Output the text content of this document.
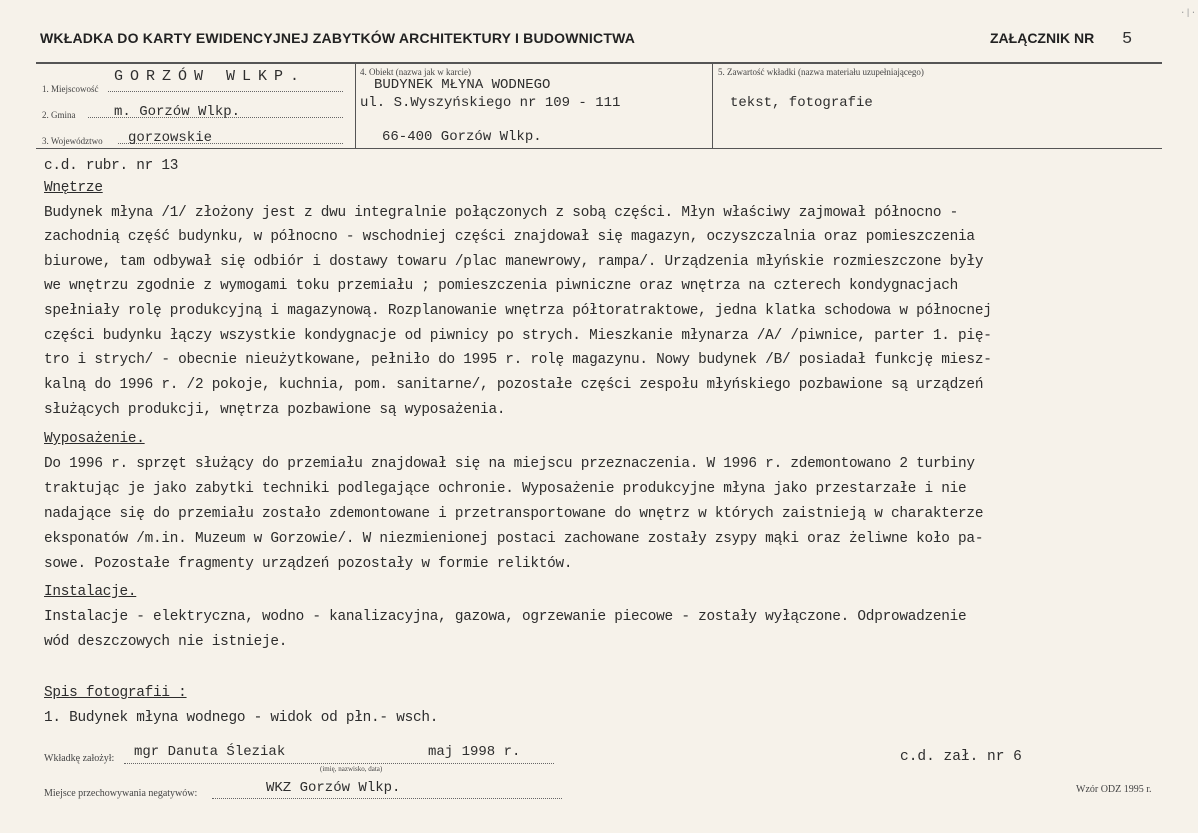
WKŁADKA DO KARTY EWIDENCYJNEJ ZABYTKÓW ARCHITEKTURY I BUDOWNICTWA	ZAŁĄCZNIK NR 5
·|·
1. Miejscowość
GORZÓW WLKP.
2. Gmina	m. Gorzów Wlkp.
3. Województwo gorzowskie
4. Obiekt (nazwa jak w karcie)
BUDYNEK MŁYNA WODNEGO
ul. S.Wyszyńskiego nr 109 - 111
66-400 Gorzów Wlkp.
5. Zawartość wkładki (nazwa materiału uzupełniającego)
tekst, fotografie
c.d. rubr. nr 13
Wnętrze
Budynek młyna /1/ złożony jest z dwu integralnie połączonych z sobą części. Młyn właściwy zajmował północno -
zachodnią część budynku, w północno - wschodniej części znajdował się magazyn, oczyszczalnia oraz pomieszczenia
biurowe, tam odbywał się odbiór i dostawy towaru /plac manewrowy, rampa/. Urządzenia młyńskie rozmieszczone były
we wnętrzu zgodnie z wymogami toku przemiału ; pomieszczenia piwniczne oraz wnętrza na czterech kondygnacjach
spełniały rolę produkcyjną i magazynową. Rozplanowanie wnętrza półtoratraktowe, jedna klatka schodowa w północnej
części budynku łączy wszystkie kondygnacje od piwnicy po strych. Mieszkanie młynarza /A/ /piwnice, parter 1. pię-
tro i strych/ - obecnie nieużytkowane, pełniło do 1995 r. rolę magazynu. Nowy budynek /B/ posiadał funkcję miesz-
kalną do 1996 r. /2 pokoje, kuchnia, pom. sanitarne/, pozostałe części zespołu młyńskiego pozbawione są urządzeń
służących produkcji, wnętrza pozbawione są wyposażenia.
Wyposażenie.
Do 1996 r. sprzęt służący do przemiału znajdował się na miejscu przeznaczenia. W 1996 r. zdemontowano 2 turbiny
traktując je jako zabytki techniki podlegające ochronie. Wyposażenie produkcyjne młyna jako przestarzałe i nie
nadające się do przemiału zostało zdemontowane i przetransportowane do wnętrz w których zaistnieją w charakterze
eksponatów /m.in. Muzeum w Gorzowie/. W niezmienionej postaci zachowane zostały zsypy mąki oraz żeliwne koło pa-
sowe. Pozostałe fragmenty urządzeń pozostały w formie reliktów.
Instalacje.
Instalacje - elektryczna, wodno - kanalizacyjna, gazowa, ogrzewanie piecowe - zostały wyłączone. Odprowadzenie
wód deszczowych nie istnieje.
Spis fotografii :
1. Budynek młyna wodnego - widok od płn.- wsch.
Wkładkę założył: mgr Danuta Śleziak	maj 1998 r.
(imię, nazwisko, data)
c.d. zał. nr 6
Miejsce przechowywania negatywów:	WKZ Gorzów Wlkp.	Wzór ODZ 1995 r.
